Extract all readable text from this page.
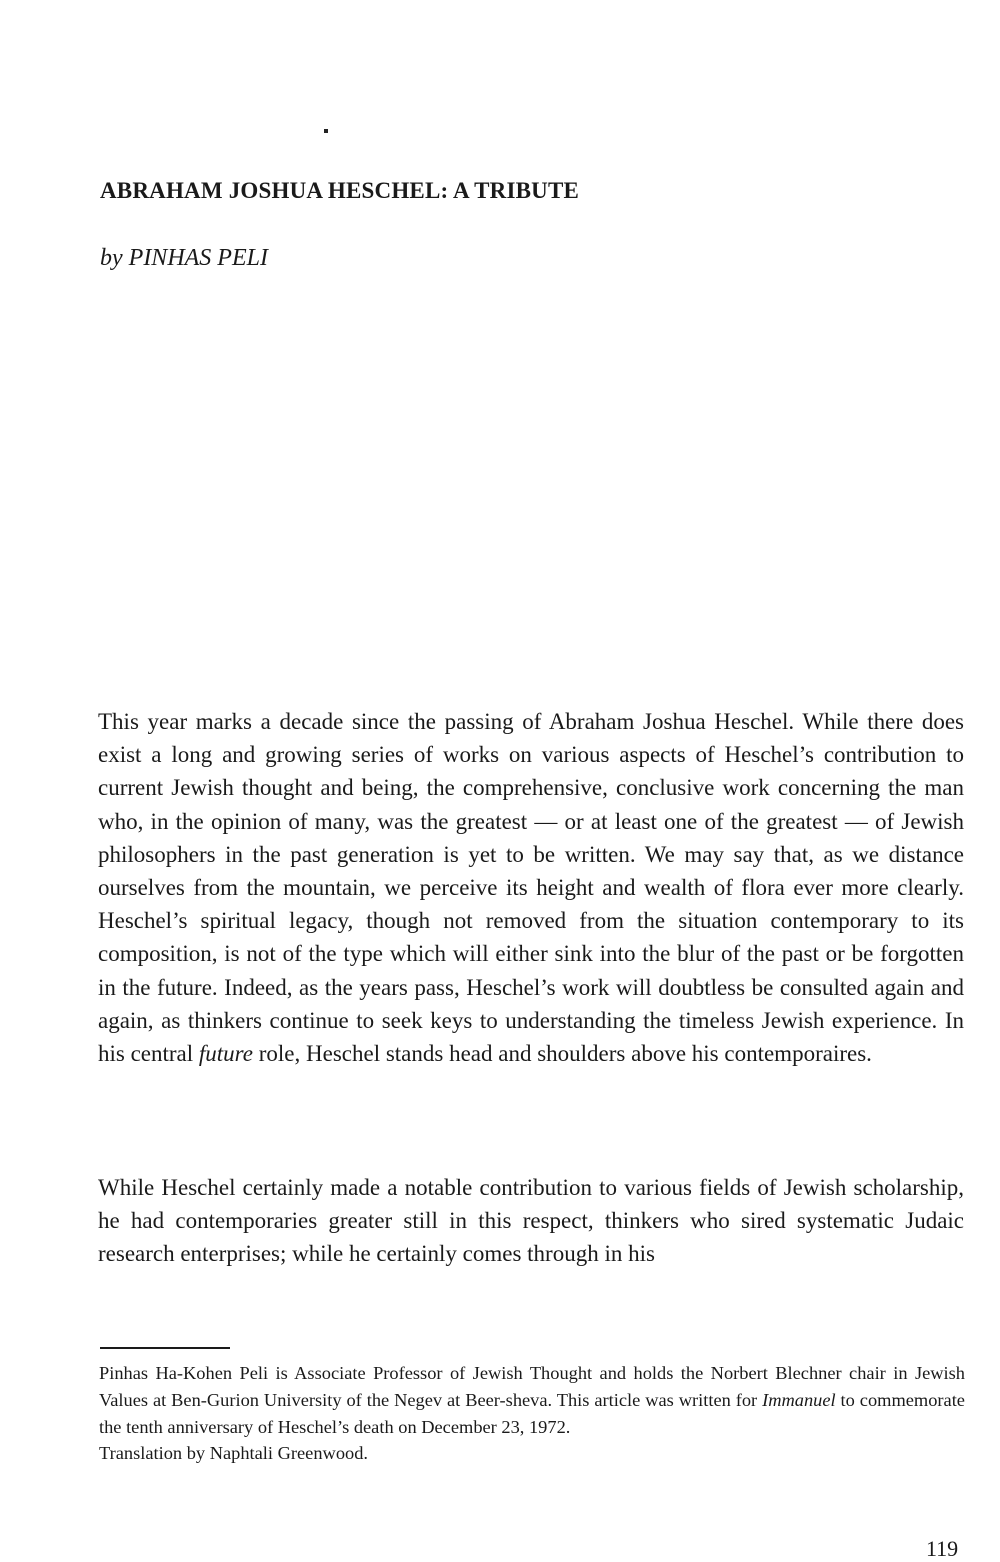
ABRAHAM JOSHUA HESCHEL: A TRIBUTE

by PINHAS PELI

This year marks a decade since the passing of Abraham Joshua Heschel. While there does exist a long and growing series of works on various aspects of Heschel’s contribution to current Jewish thought and being, the comprehensive, conclusive work concerning the man who, in the opinion of many, was the greatest — or at least one of the greatest — of Jewish philosophers in the past generation is yet to be written. We may say that, as we distance ourselves from the mountain, we perceive its height and wealth of flora ever more clearly. Heschel’s spiritual legacy, though not removed from the situation contemporary to its composition, is not of the type which will either sink into the blur of the past or be forgotten in the future. Indeed, as the years pass, Heschel’s work will doubtless be consulted again and again, as thinkers continue to seek keys to understanding the timeless Jewish experience. In his central future role, Heschel stands head and shoulders above his contemporaires.

While Heschel certainly made a notable contribution to various fields of Jewish scholarship, he had contemporaries greater still in this respect, thinkers who sired systematic Judaic research enterprises; while he certainly comes through in his

Pinhas Ha-Kohen Peli is Associate Professor of Jewish Thought and holds the Norbert Blechner chair in Jewish Values at Ben-Gurion University of the Negev at Beer-sheva. This article was written for Immanuel to commemorate the tenth anniversary of Heschel’s death on December 23, 1972.
Translation by Naphtali Greenwood.

119
